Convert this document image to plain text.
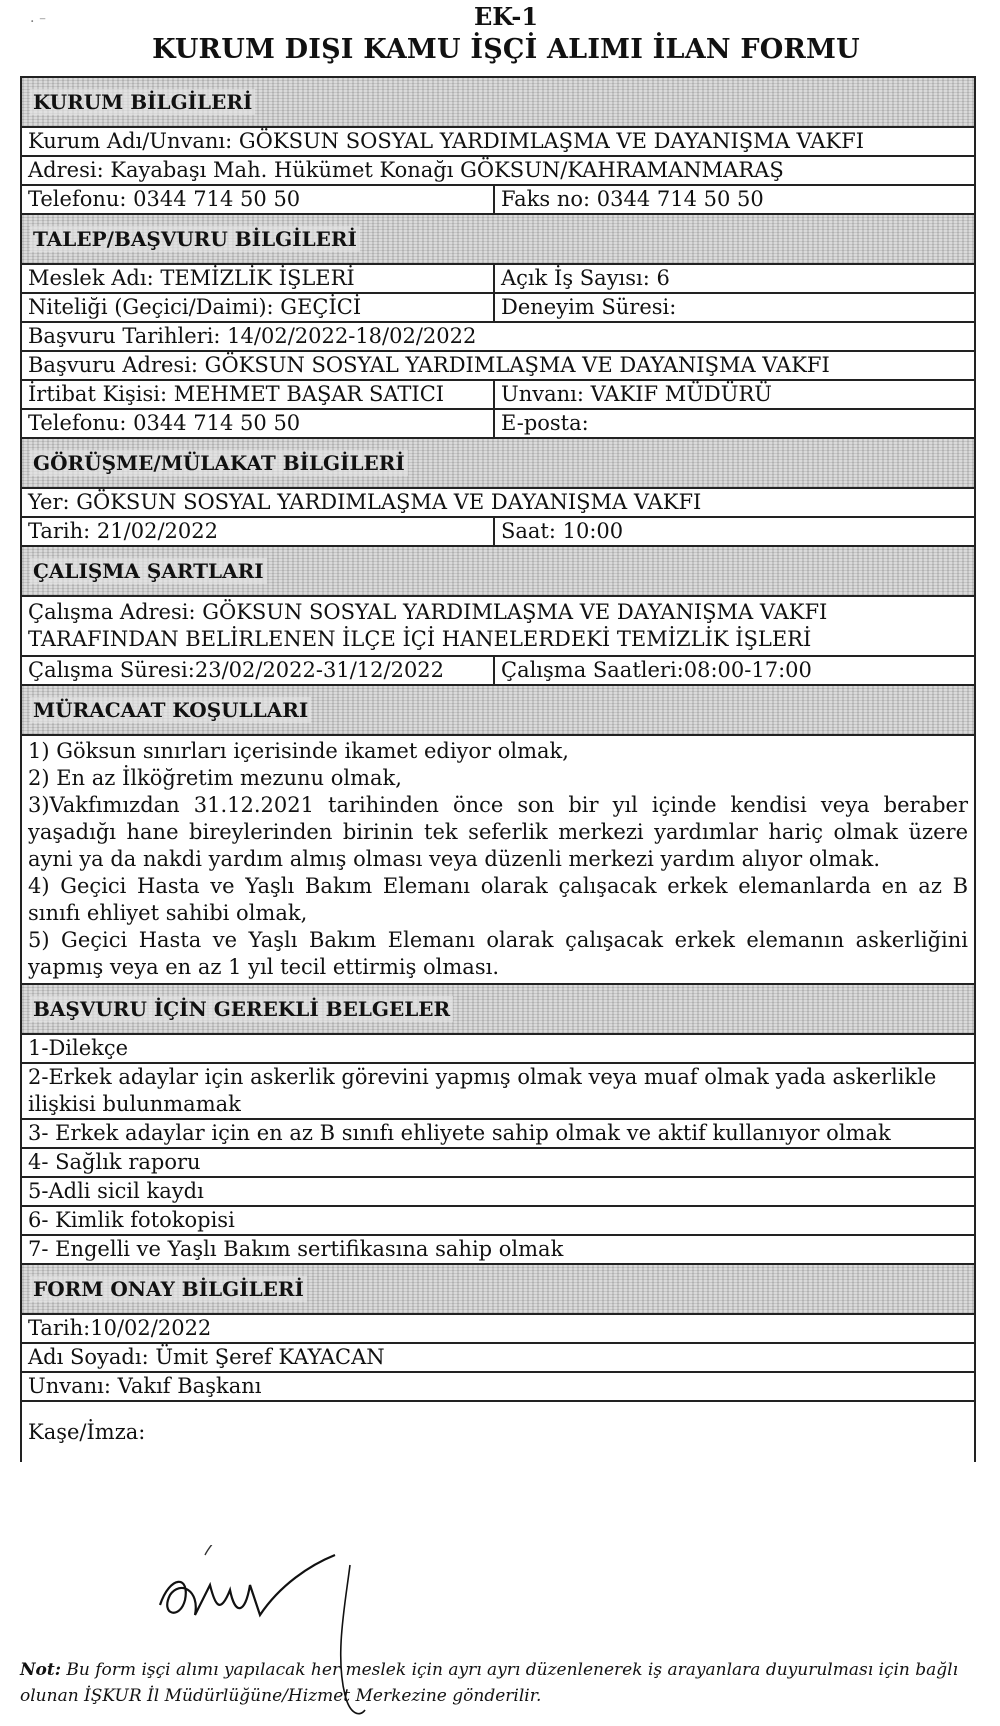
· ⁻	EK-1
KURUM DIŞI KAMU İŞÇİ ALIMI İLAN FORMU
KURUM BİLGİLERİ
Kurum Adı/Unvanı: GÖKSUN SOSYAL YARDIMLAŞMA VE DAYANIŞMA VAKFI
Adresi: Kayabaşı Mah. Hükümet Konağı GÖKSUN/KAHRAMANMARAŞ
Telefonu: 0344 714 50 50	Faks no: 0344 714 50 50
TALEP/BAŞVURU BİLGİLERİ
Meslek Adı: TEMİZLİK İŞLERİ	Açık İş Sayısı: 6
Niteliği (Geçici/Daimi): GEÇİCİ	Deneyim Süresi:
Başvuru Tarihleri: 14/02/2022-18/02/2022
Başvuru Adresi: GÖKSUN SOSYAL YARDIMLAŞMA VE DAYANIŞMA VAKFI
İrtibat Kişisi: MEHMET BAŞAR SATICI	Unvanı: VAKIF MÜDÜRÜ
Telefonu: 0344 714 50 50	E-posta:
GÖRÜŞME/MÜLAKAT BİLGİLERİ
Yer: GÖKSUN SOSYAL YARDIMLAŞMA VE DAYANIŞMA VAKFI
Tarih: 21/02/2022	Saat: 10:00
ÇALIŞMA ŞARTLARI

Çalışma Adresi: GÖKSUN SOSYAL YARDIMLAŞMA VE DAYANIŞMA VAKFI

TARAFINDAN BELİRLENEN İLÇE İÇİ HANELERDEKİ TEMİZLİK İŞLERİ

Çalışma Süresi:23/02/2022-31/12/2022	Çalışma Saatleri:08:00-17:00
MÜRACAAT KOŞULLARI

1) Göksun sınırları içerisinde ikamet ediyor olmak,

2) En az İlköğretim mezunu olmak,

3)Vakfımızdan 31.12.2021 tarihinden önce son bir yıl içinde kendisi veya beraber yaşadığı hane bireylerinden birinin tek seferlik merkezi yardımlar hariç olmak üzere ayni ya da nakdi yardım almış olması veya düzenli merkezi yardım alıyor olmak.

4) Geçici Hasta ve Yaşlı Bakım Elemanı olarak çalışacak erkek elemanlarda en az B sınıfı ehliyet sahibi olmak,

5) Geçici Hasta ve Yaşlı Bakım Elemanı olarak çalışacak erkek elemanın askerliğini yapmış veya en az 1 yıl tecil ettirmiş olması.

BAŞVURU İÇİN GEREKLİ BELGELER
1-Dilekçe
2-Erkek adaylar için askerlik görevini yapmış olmak veya muaf olmak yada askerlikle ilişkisi bulunmamak
3- Erkek adaylar için en az B sınıfı ehliyete sahip olmak ve aktif kullanıyor olmak
4- Sağlık raporu
5-Adli sicil kaydı
6- Kimlik fotokopisi
7- Engelli ve Yaşlı Bakım sertifikasına sahip olmak
FORM ONAY BİLGİLERİ
Tarih:10/02/2022
Adı Soyadı: Ümit Şeref KAYACAN
Unvanı: Vakıf Başkanı
Kaşe/İmza:
Not: Bu form işçi alımı yapılacak her meslek için ayrı ayrı düzenlenerek iş arayanlara duyurulması için bağlı olunan İŞKUR İl Müdürlüğüne/Hizmet Merkezine gönderilir.
